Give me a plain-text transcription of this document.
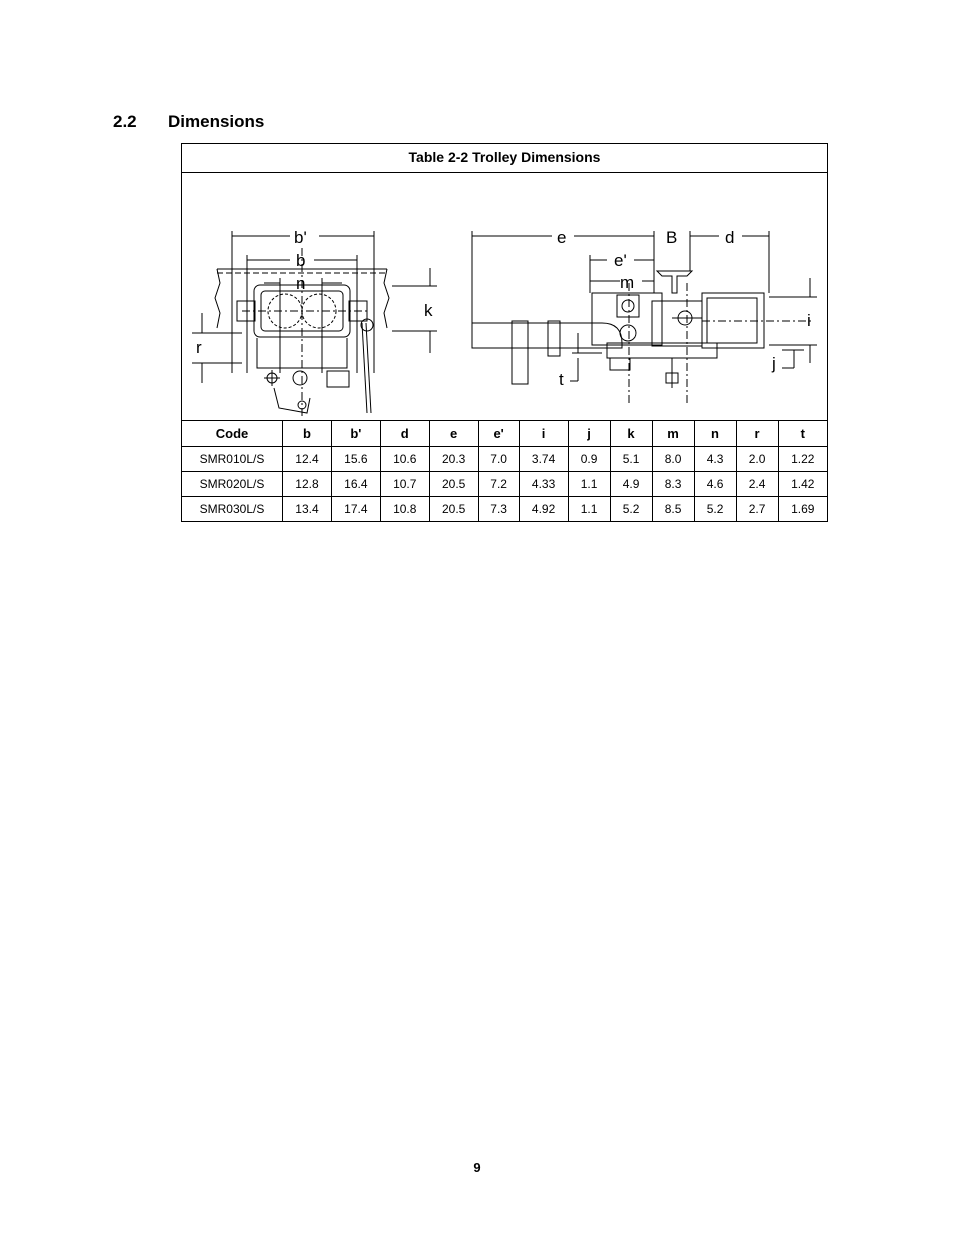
2.2 Dimensions
Table 2-2 Trolley Dimensions
b'
b
n
k
r
e	B	d
e'
m
i
j
t
Code	b	b'	d	e	e'	i	j	k	m	n	r	t
SMR010L/S	12.4	15.6	10.6	20.3	7.0	3.74	0.9	5.1	8.0	4.3	2.0	1.22
SMR020L/S	12.8	16.4	10.7	20.5	7.2	4.33	1.1	4.9	8.3	4.6	2.4	1.42
SMR030L/S	13.4	17.4	10.8	20.5	7.3	4.92	1.1	5.2	8.5	5.2	2.7	1.69
9
